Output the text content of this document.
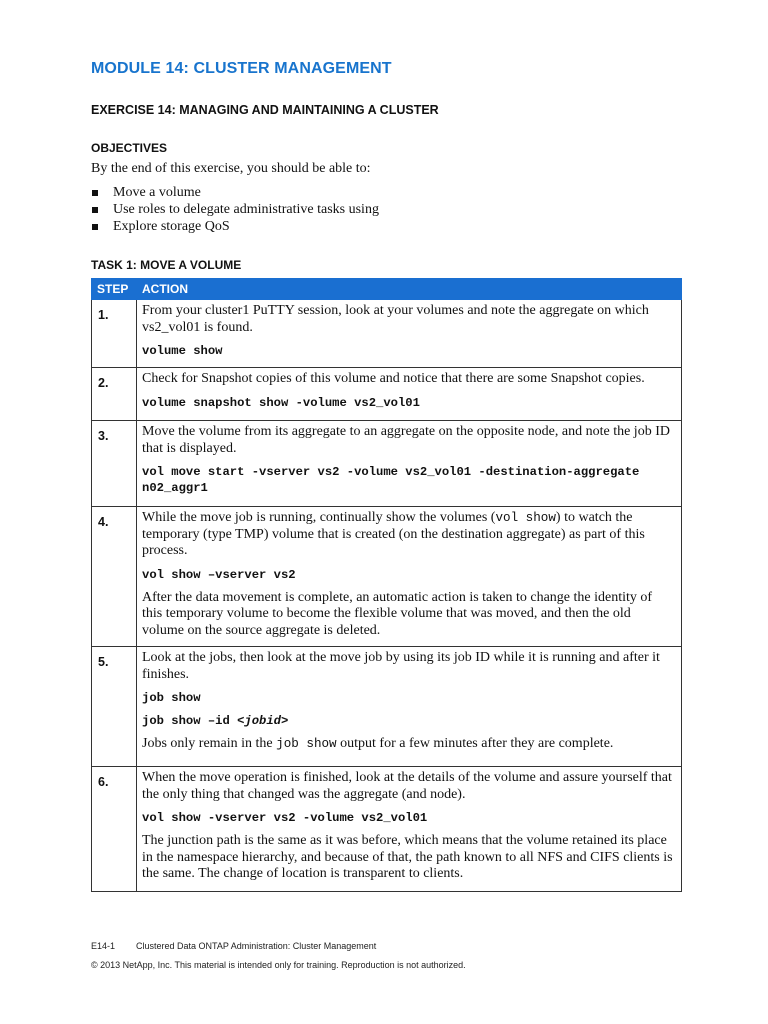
MODULE 14: CLUSTER MANAGEMENT
EXERCISE 14: MANAGING AND MAINTAINING A CLUSTER
OBJECTIVES
By the end of this exercise, you should be able to:
Move a volume
Use roles to delegate administrative tasks using
Explore storage QoS
TASK 1: MOVE A VOLUME
STEP	ACTION
1.	From your cluster1 PuTTY session, look at your volumes and note the aggregate on which vs2_vol01 is found.

volume show

2.	Check for Snapshot copies of this volume and notice that there are some Snapshot copies.

volume snapshot show -volume vs2_vol01

3.	Move the volume from its aggregate to an aggregate on the opposite node, and note the job ID that is displayed.

vol move start -vserver vs2 -volume vs2_vol01 -destination-aggregate
n02_aggr1

4.	While the move job is running, continually show the volumes (vol show) to watch the temporary (type TMP) volume that is created (on the destination aggregate) as part of this process.

vol show –vserver vs2

After the data movement is complete, an automatic action is taken to change the identity of this temporary volume to become the flexible volume that was moved, and then the old volume on the source aggregate is deleted.

5.	Look at the jobs, then look at the move job by using its job ID while it is running and after it finishes.

job show

job show –id <jobid>

Jobs only remain in the job show output for a few minutes after they are complete.

6.	When the move operation is finished, look at the details of the volume and assure yourself that the only thing that changed was the aggregate (and node).

vol show -vserver vs2 -volume vs2_vol01

The junction path is the same as it was before, which means that the volume retained its place in the namespace hierarchy, and because of that, the path known to all NFS and CIFS clients is the same. The change of location is transparent to clients.

E14-1 Clustered Data ONTAP Administration: Cluster Management
© 2013 NetApp, Inc. This material is intended only for training. Reproduction is not authorized.
